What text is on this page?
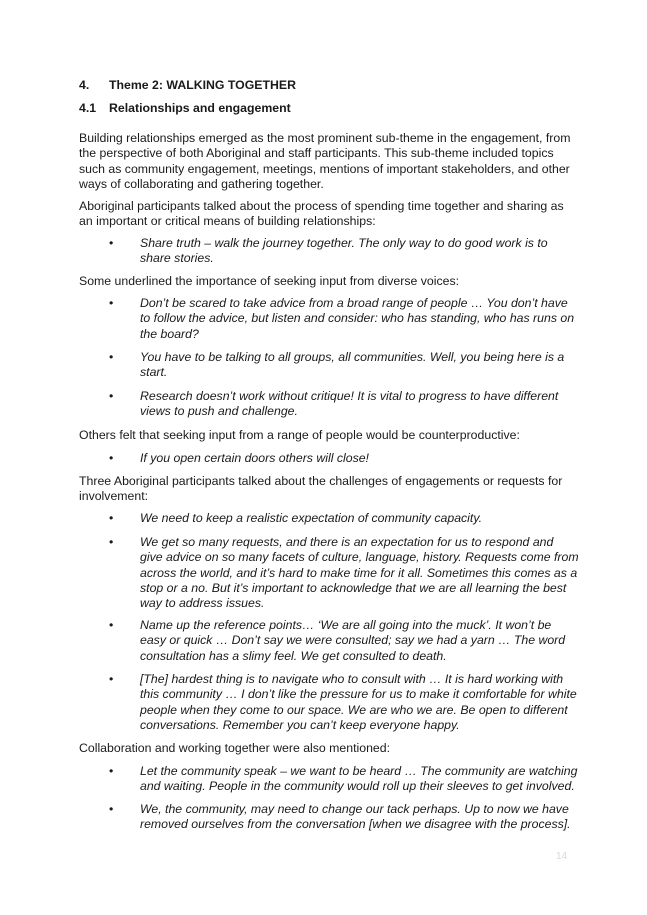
4. Theme 2: WALKING TOGETHER
4.1 Relationships and engagement

Building relationships emerged as the most prominent sub-theme in the engagement, from the perspective of both Aboriginal and staff participants. This sub-theme included topics such as community engagement, meetings, mentions of important stakeholders, and other ways of collaborating and gathering together.

Aboriginal participants talked about the process of spending time together and sharing as an important or critical means of building relationships:

• Share truth – walk the journey together. The only way to do good work is to share stories.

Some underlined the importance of seeking input from diverse voices:

• Don’t be scared to take advice from a broad range of people … You don’t have to follow the advice, but listen and consider: who has standing, who has runs on the board?
• You have to be talking to all groups, all communities. Well, you being here is a start.
• Research doesn’t work without critique! It is vital to progress to have different views to push and challenge.

Others felt that seeking input from a range of people would be counterproductive:

• If you open certain doors others will close!

Three Aboriginal participants talked about the challenges of engagements or requests for involvement:

• We need to keep a realistic expectation of community capacity.
• We get so many requests, and there is an expectation for us to respond and give advice on so many facets of culture, language, history. Requests come from across the world, and it’s hard to make time for it all. Sometimes this comes as a stop or a no. But it’s important to acknowledge that we are all learning the best way to address issues.
• Name up the reference points… ‘We are all going into the muck’. It won’t be easy or quick … Don’t say we were consulted; say we had a yarn … The word consultation has a slimy feel. We get consulted to death.
• [The] hardest thing is to navigate who to consult with … It is hard working with this community … I don’t like the pressure for us to make it comfortable for white people when they come to our space. We are who we are. Be open to different conversations. Remember you can’t keep everyone happy.

Collaboration and working together were also mentioned:

• Let the community speak – we want to be heard … The community are watching and waiting. People in the community would roll up their sleeves to get involved.
• We, the community, may need to change our tack perhaps. Up to now we have removed ourselves from the conversation [when we disagree with the process].
14
